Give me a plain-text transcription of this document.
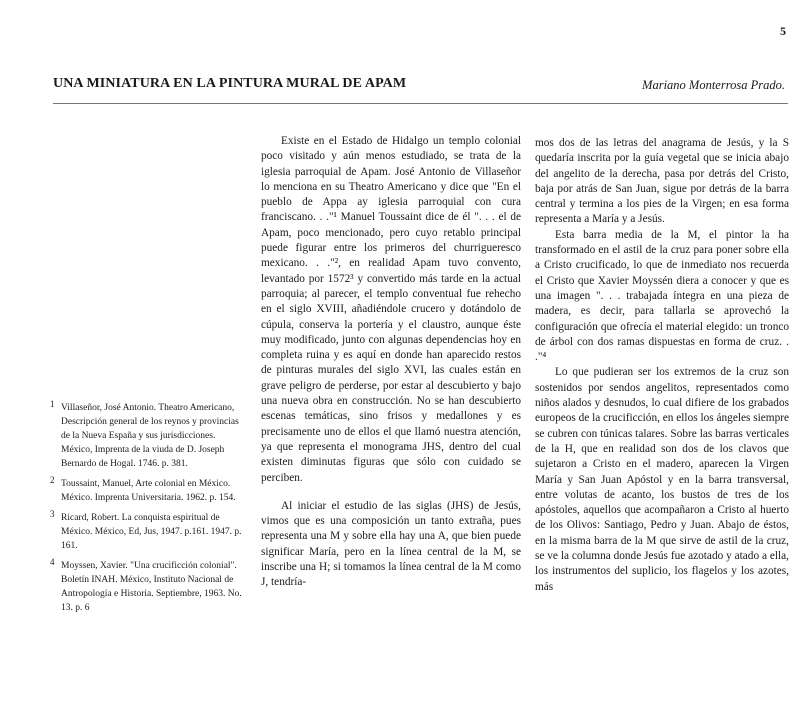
5
UNA MINIATURA EN LA PINTURA MURAL DE APAM	Mariano Monterrosa Prado.
1 Villaseñor, José Antonio. Theatro Americano, Descripción general de los reynos y provincias de la Nueva España y sus jurisdicciones. México, Imprenta de la viuda de D. Joseph Bernardo de Hogal. 1746. p. 381.
2 Toussaint, Manuel, Arte colonial en México. México. Imprenta Universitaria. 1962. p. 154.
3 Ricard, Robert. La conquista espiritual de México. México, Ed, Jus, 1947. p.161. 1947. p. 161.
4 Moyssen, Xavier. "Una crucificción colonial". Boletín INAH. México, Instituto Nacional de Antropología e Historia. Septiembre, 1963. No. 13. p. 6

Existe en el Estado de Hidalgo un templo colonial poco visitado y aún menos estudiado, se trata de la iglesia parroquial de Apam. José Antonio de Villaseñor lo menciona en su Theatro Americano y dice que "En el pueblo de Appa ay iglesia parroquial con cura franciscano. . ."¹ Manuel Toussaint dice de él ". . . el de Apam, poco mencionado, pero cuyo retablo principal puede figurar entre los primeros del churrigueresco mexicano. . ."², en realidad Apam tuvo convento, levantado por 1572³ y convertido más tarde en la actual parroquia; al parecer, el templo conventual fue rehecho en el siglo XVIII, añadiéndole crucero y dotándolo de cúpula, conserva la portería y el claustro, aunque éste muy modificado, junto con algunas dependencias hoy en completa ruina y es aquí en donde han aparecido restos de pinturas murales del siglo XVI, las cuales están en grave peligro de perderse, por estar al descubierto y bajo una nueva obra en construcción. No se han descubierto escenas temáticas, sino frisos y medallones y es precisamente uno de ellos el que llamó nuestra atención, ya que representa el monograma JHS, dentro del cual existen diminutas figuras que sólo con cuidado se perciben.

Al iniciar el estudio de las siglas (JHS) de Jesús, vimos que es una composición un tanto extraña, pues representa una M y sobre ella hay una A, que bien puede significar María, pero en la línea central de la M, se inscribe una H; si tomamos la línea central de la M como J, tendría-

mos dos de las letras del anagrama de Jesús, y la S quedaría inscrita por la guía vegetal que se inicia abajo del angelito de la derecha, pasa por detrás del Cristo, baja por atrás de San Juan, sigue por detrás de la barra central y termina a los pies de la Virgen; en esa forma representa a María y a Jesús.

Esta barra media de la M, el pintor la ha transformado en el astil de la cruz para poner sobre ella a Cristo crucificado, lo que de inmediato nos recuerda el Cristo que Xavier Moyssén diera a conocer y que es una imagen ". . . trabajada íntegra en una pieza de madera, es decir, para tallarla se aprovechó la configuración que ofrecía el material elegido: un tronco de árbol con dos ramas dispuestas en forma de cruz. . ."⁴

Lo que pudieran ser los extremos de la cruz son sostenidos por sendos angelitos, representados como niños alados y desnudos, lo cual difiere de los grabados europeos de la crucificción, en ellos los ángeles siempre se cubren con túnicas talares. Sobre las barras verticales de la H, que en realidad son dos de los clavos que sujetaron a Cristo en el madero, aparecen la Virgen María y San Juan Apóstol y en la barra transversal, entre volutas de acanto, los bustos de tres de los apóstoles, aquellos que acompañaron a Cristo al huerto de los Olivos: Santiago, Pedro y Juan. Abajo de éstos, en la misma barra de la M que sirve de astil de la cruz, se ve la columna donde Jesús fue azotado y atado a ella, los instrumentos del suplicio, los flagelos y los azotes, más
